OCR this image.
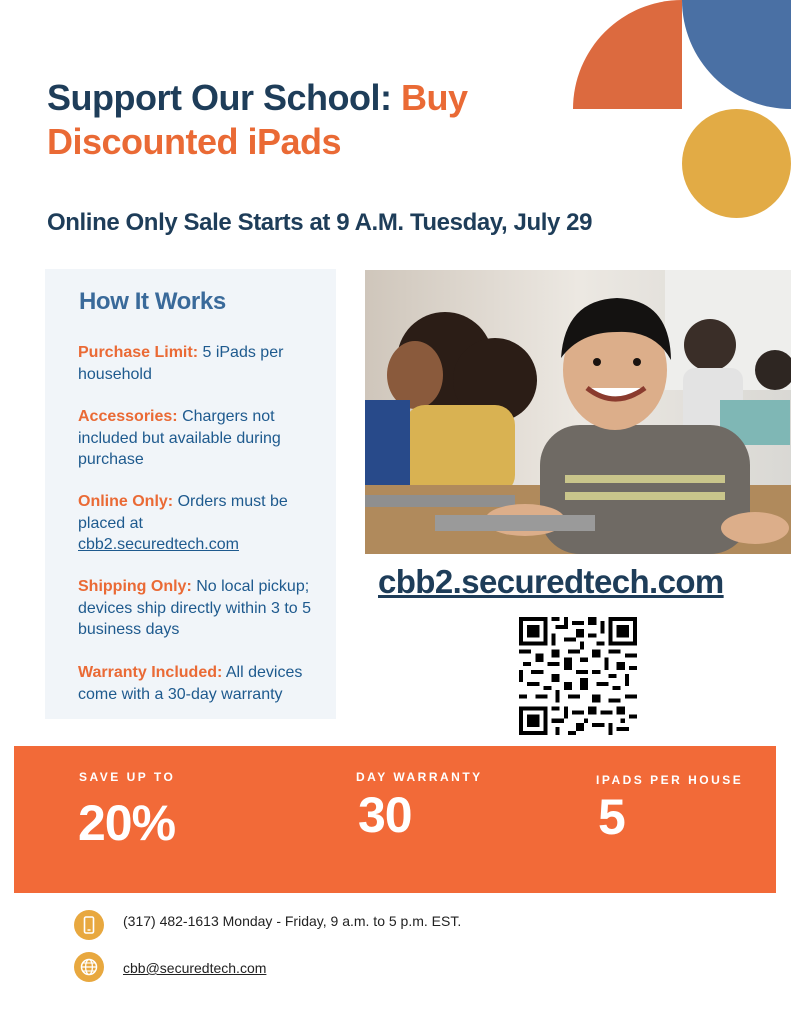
Support Our School: Buy
Discounted iPads
Online Only Sale Starts at 9 A.M. Tuesday, July 29
How It Works
Purchase Limit: 5 iPads per household
Accessories: Chargers not included but available during purchase
Online Only: Orders must be placed at
cbb2.securedtech.com
Shipping Only: No local pickup; devices ship directly within 3 to 5 business days
Warranty Included: All devices come with a 30-day warranty
cbb2.securedtech.com
SAVE UP TO
20%
DAY WARRANTY
30
IPADS PER HOUSE
5
(317) 482-1613 Monday - Friday, 9 a.m. to 5 p.m. EST.
cbb@securedtech.com
